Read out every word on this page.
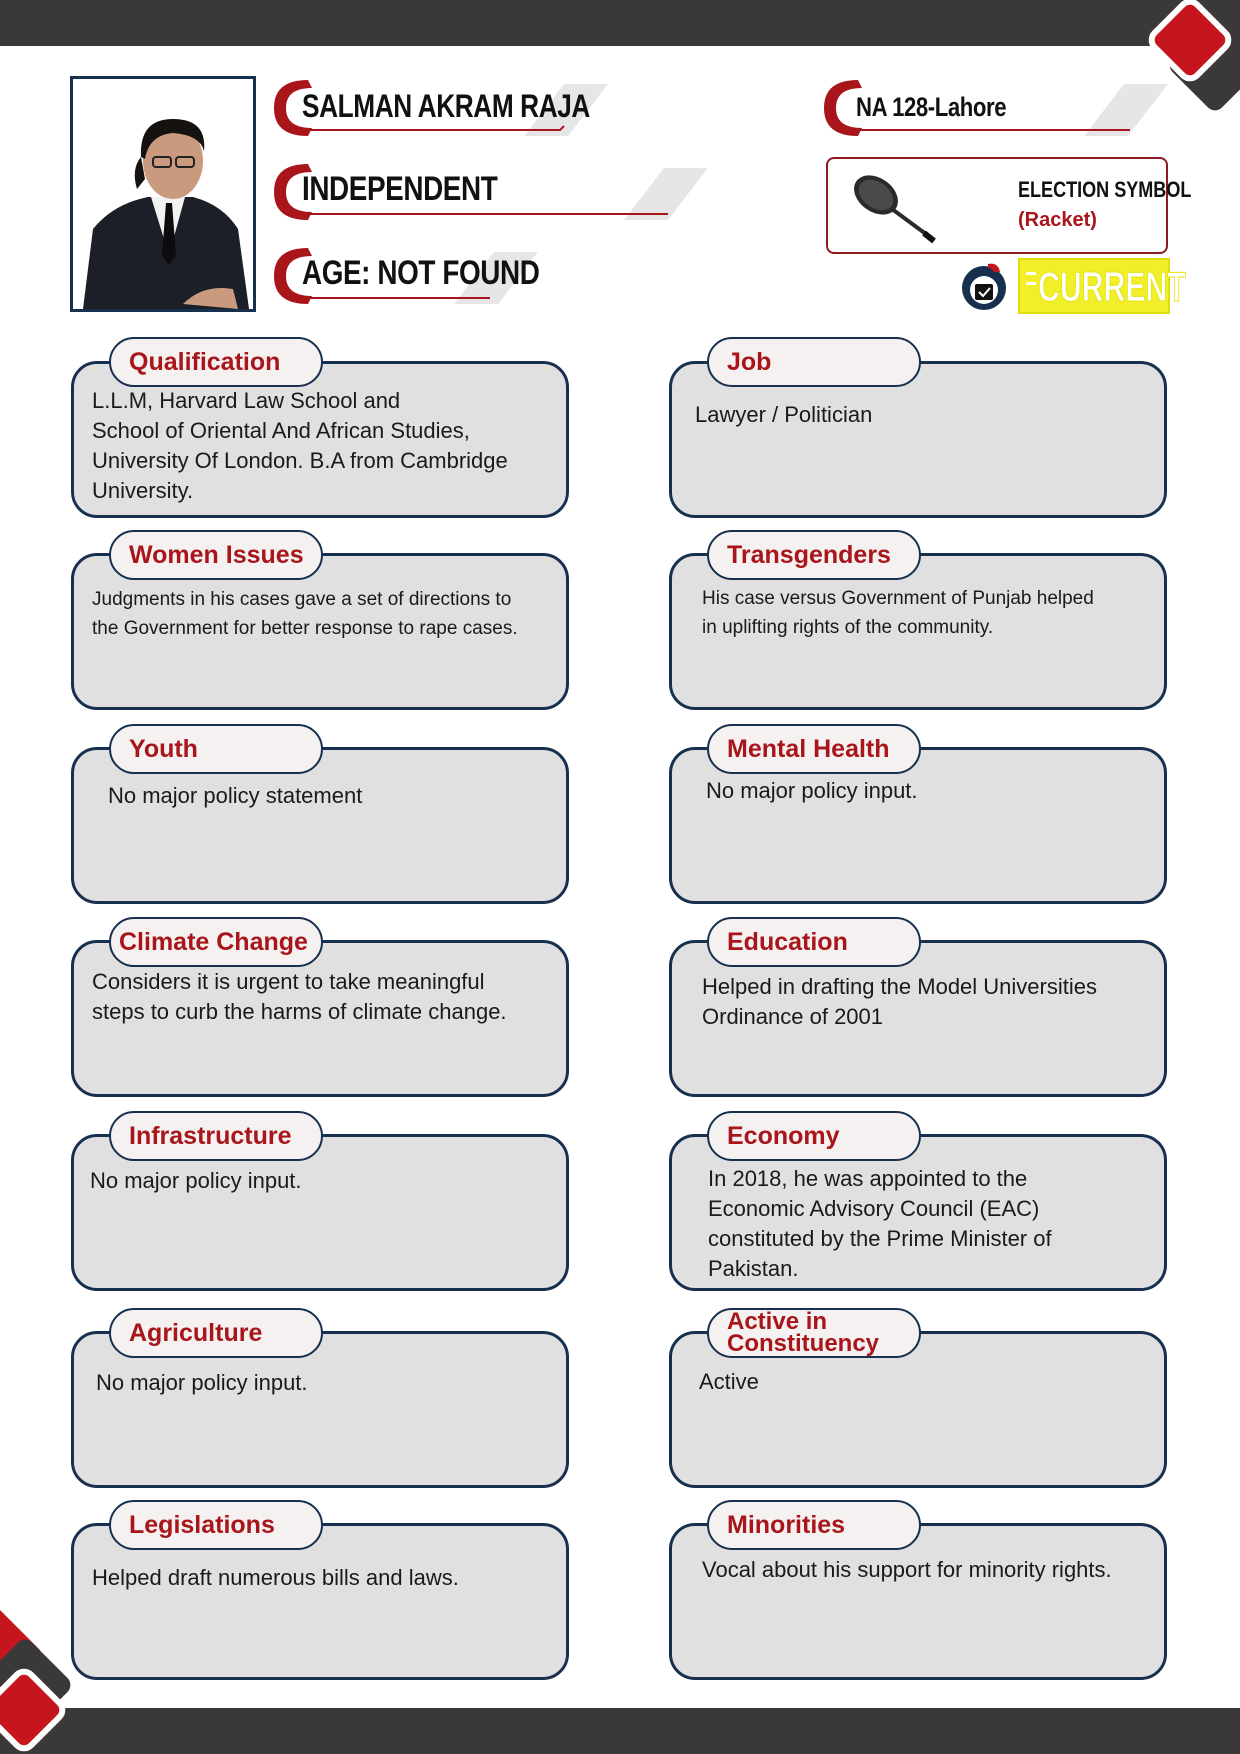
SALMAN AKRAM RAJA
INDEPENDENT
AGE: NOT FOUND
NA 128-Lahore
ELECTION SYMBOL
(Racket)
CURRENT
Qualification
L.L.M, Harvard Law School and
School of Oriental And African Studies,
University Of London. B.A from Cambridge
University.
Women Issues
Judgments in his cases gave a set of directions to
the Government for better response to rape cases.
Youth
No major policy statement
Climate Change
Considers it is urgent to take meaningful
steps to curb the harms of climate change.
Infrastructure
No major policy input.
Agriculture
No major policy input.
Legislations
Helped draft numerous bills and laws.
Job
Lawyer / Politician
Transgenders
His case versus Government of Punjab helped
in uplifting rights of the community.
Mental Health
No major policy input.
Education
Helped in drafting the Model Universities
Ordinance of 2001
Economy
In 2018, he was appointed to the
Economic Advisory Council (EAC)
constituted by the Prime Minister of
Pakistan.
Active in
Constituency
Active
Minorities
Vocal about his support for minority rights.
